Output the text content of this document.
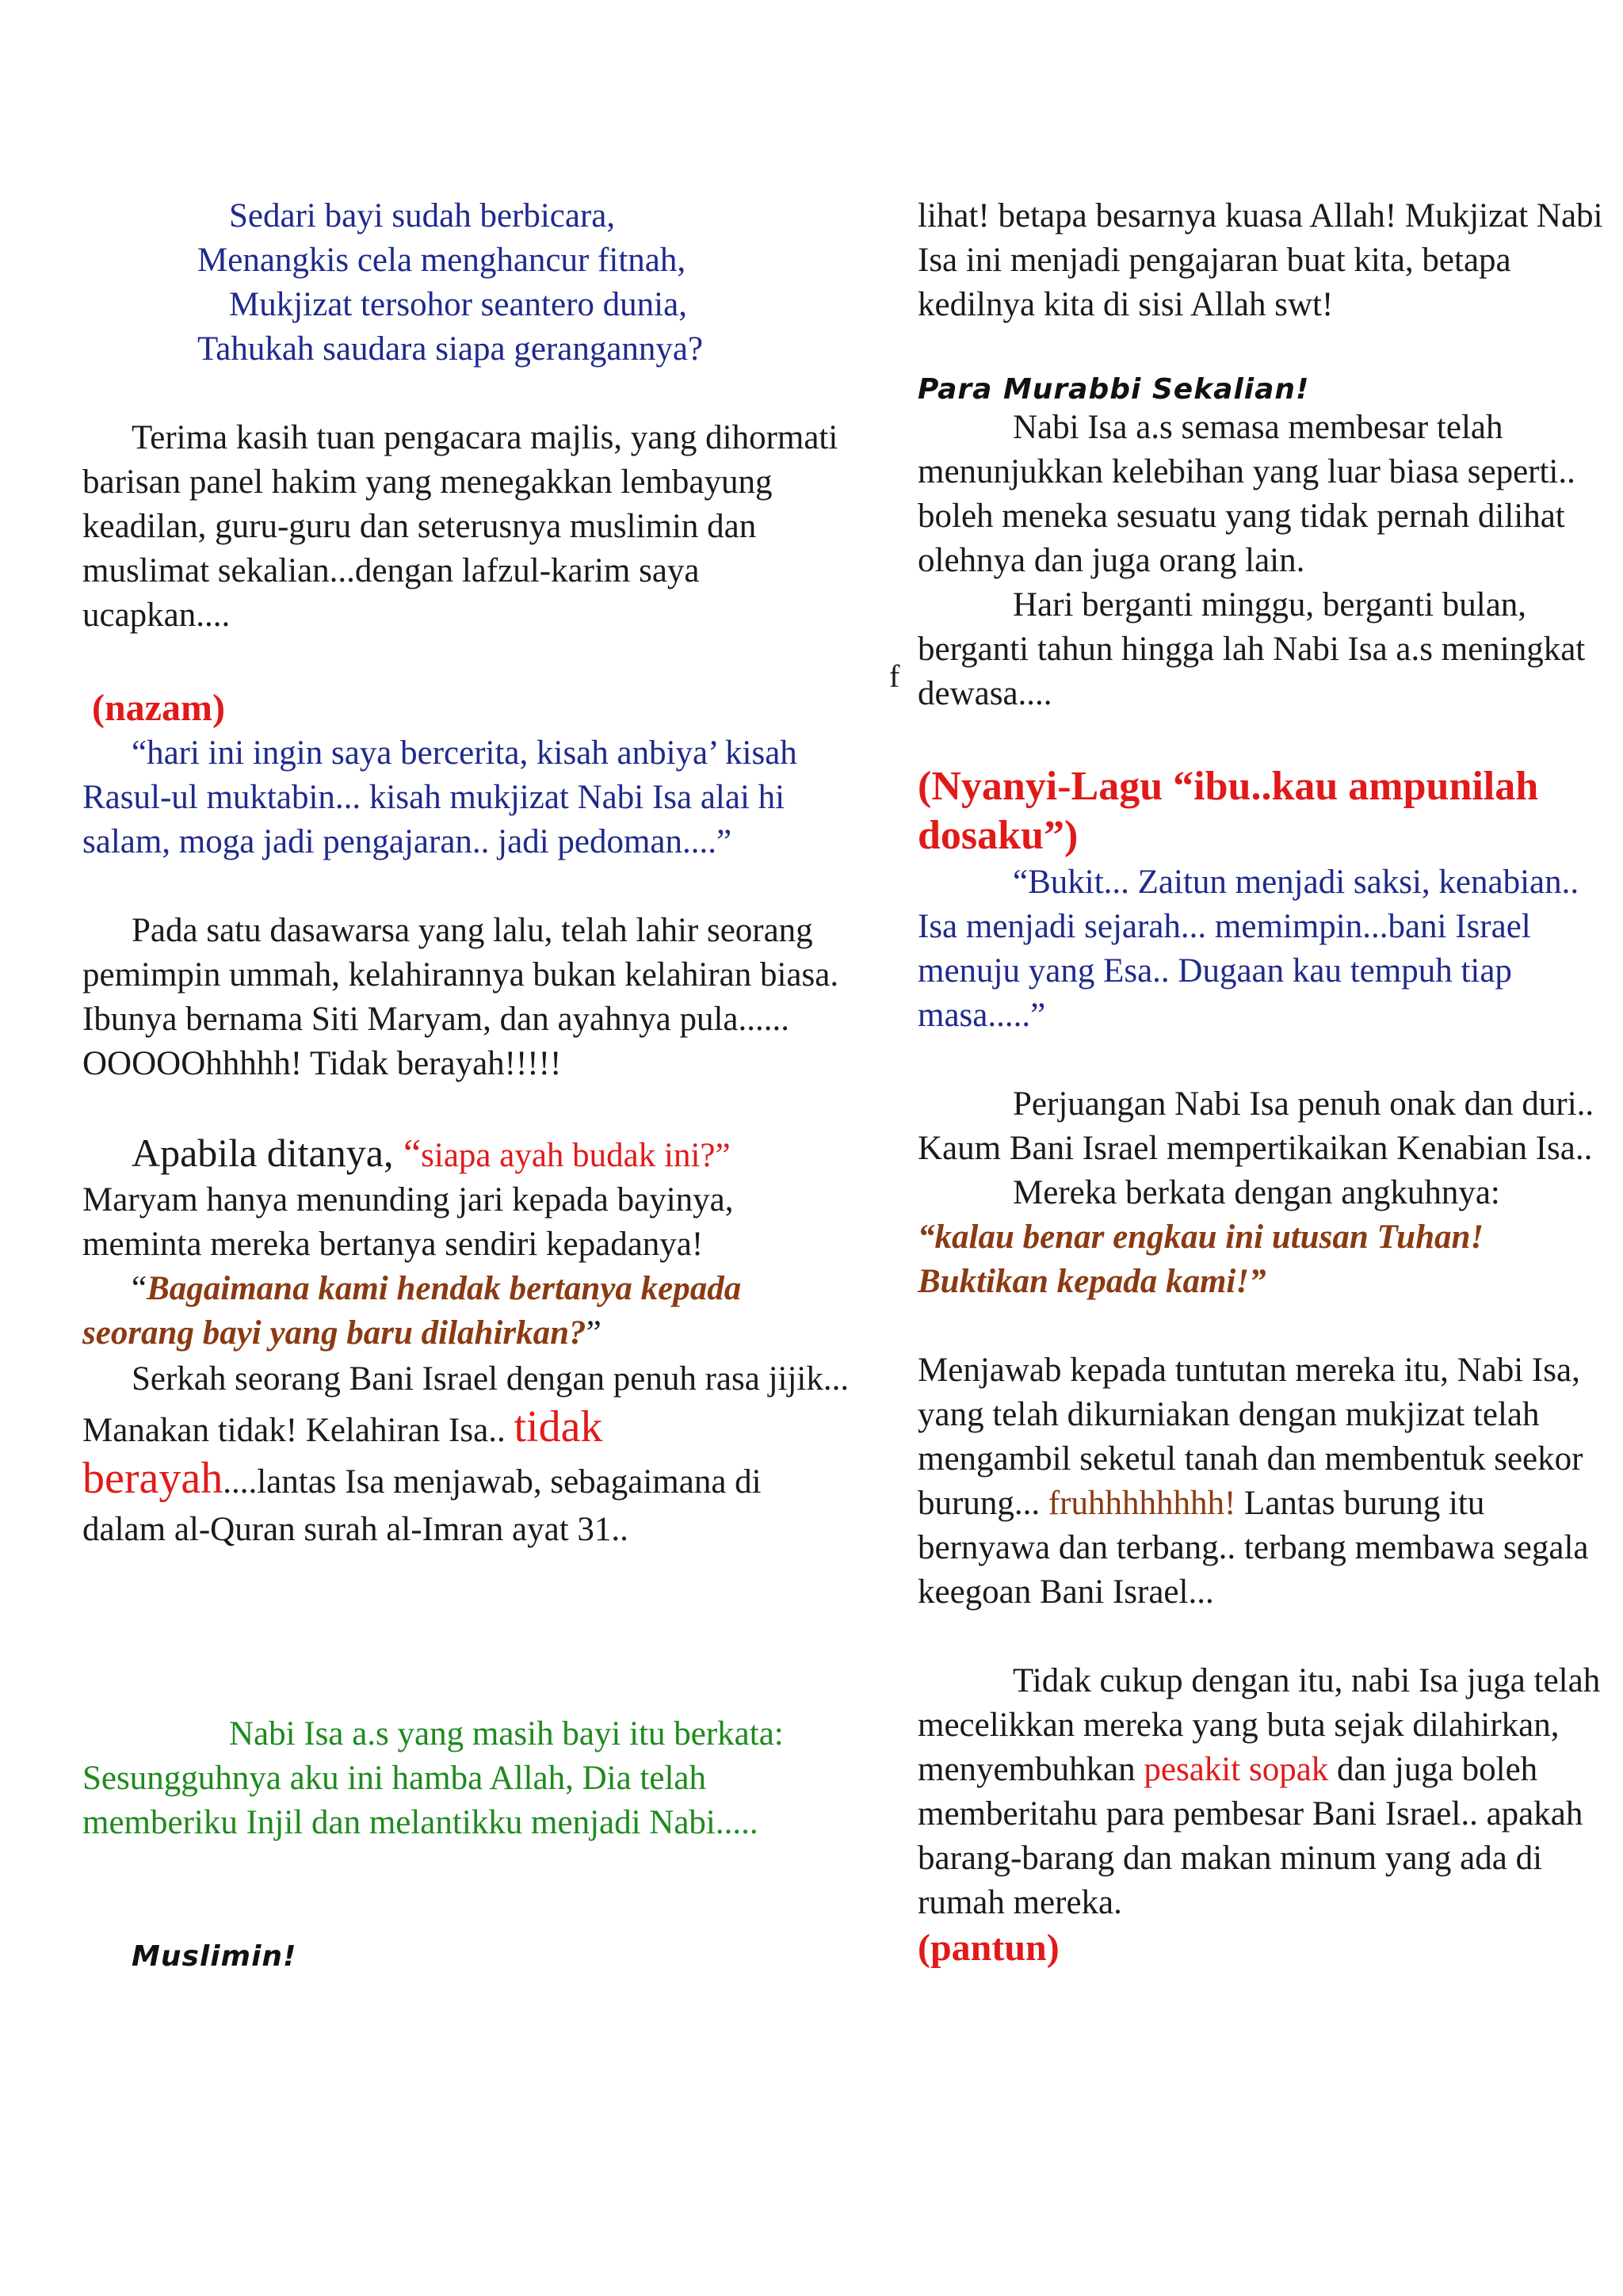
f
Sedari bayi sudah berbicara,
Menangkis cela menghancur fitnah,
Mukjizat tersohor seantero dunia,
Tahukah saudara siapa gerangannya?

Terima kasih tuan pengacara majlis, yang dihormati barisan panel hakim yang menegakkan lembayung keadilan, guru-guru dan seterusnya muslimin dan muslimat sekalian...dengan lafzul-karim saya ucapkan....

(nazam)

“hari ini ingin saya bercerita, kisah anbiya’ kisah Rasul-ul muktabin... kisah mukjizat Nabi Isa alai hi salam, moga jadi pengajaran.. jadi pedoman....”

Pada satu dasawarsa yang lalu, telah lahir seorang pemimpin ummah, kelahirannya bukan kelahiran biasa. Ibunya bernama Siti Maryam, dan ayahnya pula...... OOOOOhhhhh! Tidak berayah!!!!!

Apabila ditanya, “siapa ayah budak ini?”
Maryam hanya menunding jari kepada bayinya, meminta mereka bertanya sendiri kepadanya!

“Bagaimana kami hendak bertanya kepada seorang bayi yang baru dilahirkan?”

Serkah seorang Bani Israel dengan penuh rasa jijik... Manakan tidak! Kelahiran Isa.. tidak berayah....lantas Isa menjawab, sebagaimana di dalam al-Quran surah al-Imran ayat 31..

Nabi Isa a.s yang masih bayi itu berkata: Sesungguhnya aku ini hamba Allah, Dia telah memberiku Injil dan melantikku menjadi Nabi.....

Muslimin!

lihat! betapa besarnya kuasa Allah! Mukjizat Nabi Isa ini menjadi pengajaran buat kita, betapa kedilnya kita di sisi Allah swt!

Para Murabbi Sekalian!

Nabi Isa a.s semasa membesar telah menunjukkan kelebihan yang luar biasa seperti.. boleh meneka sesuatu yang tidak pernah dilihat olehnya dan juga orang lain.

Hari berganti minggu, berganti bulan, berganti tahun hingga lah Nabi Isa a.s meningkat dewasa....

(Nyanyi-Lagu “ibu..kau ampunilah dosaku”)

“Bukit... Zaitun menjadi saksi, kenabian.. Isa menjadi sejarah... memimpin...bani Israel menuju yang Esa.. Dugaan kau tempuh tiap masa.....”

Perjuangan Nabi Isa penuh onak dan duri.. Kaum Bani Israel mempertikaikan Kenabian Isa..

Mereka berkata dengan angkuhnya:

“kalau benar engkau ini utusan Tuhan! Buktikan kepada kami!”

Menjawab kepada tuntutan mereka itu, Nabi Isa, yang telah dikurniakan dengan mukjizat telah mengambil seketul tanah dan membentuk seekor burung... fruhhhhhhhh! Lantas burung itu bernyawa dan terbang.. terbang membawa segala keegoan Bani Israel...

Tidak cukup dengan itu, nabi Isa juga telah mecelikkan mereka yang buta sejak dilahirkan, menyembuhkan pesakit sopak dan juga boleh memberitahu para pembesar Bani Israel.. apakah barang-barang dan makan minum yang ada di rumah mereka.

(pantun)
